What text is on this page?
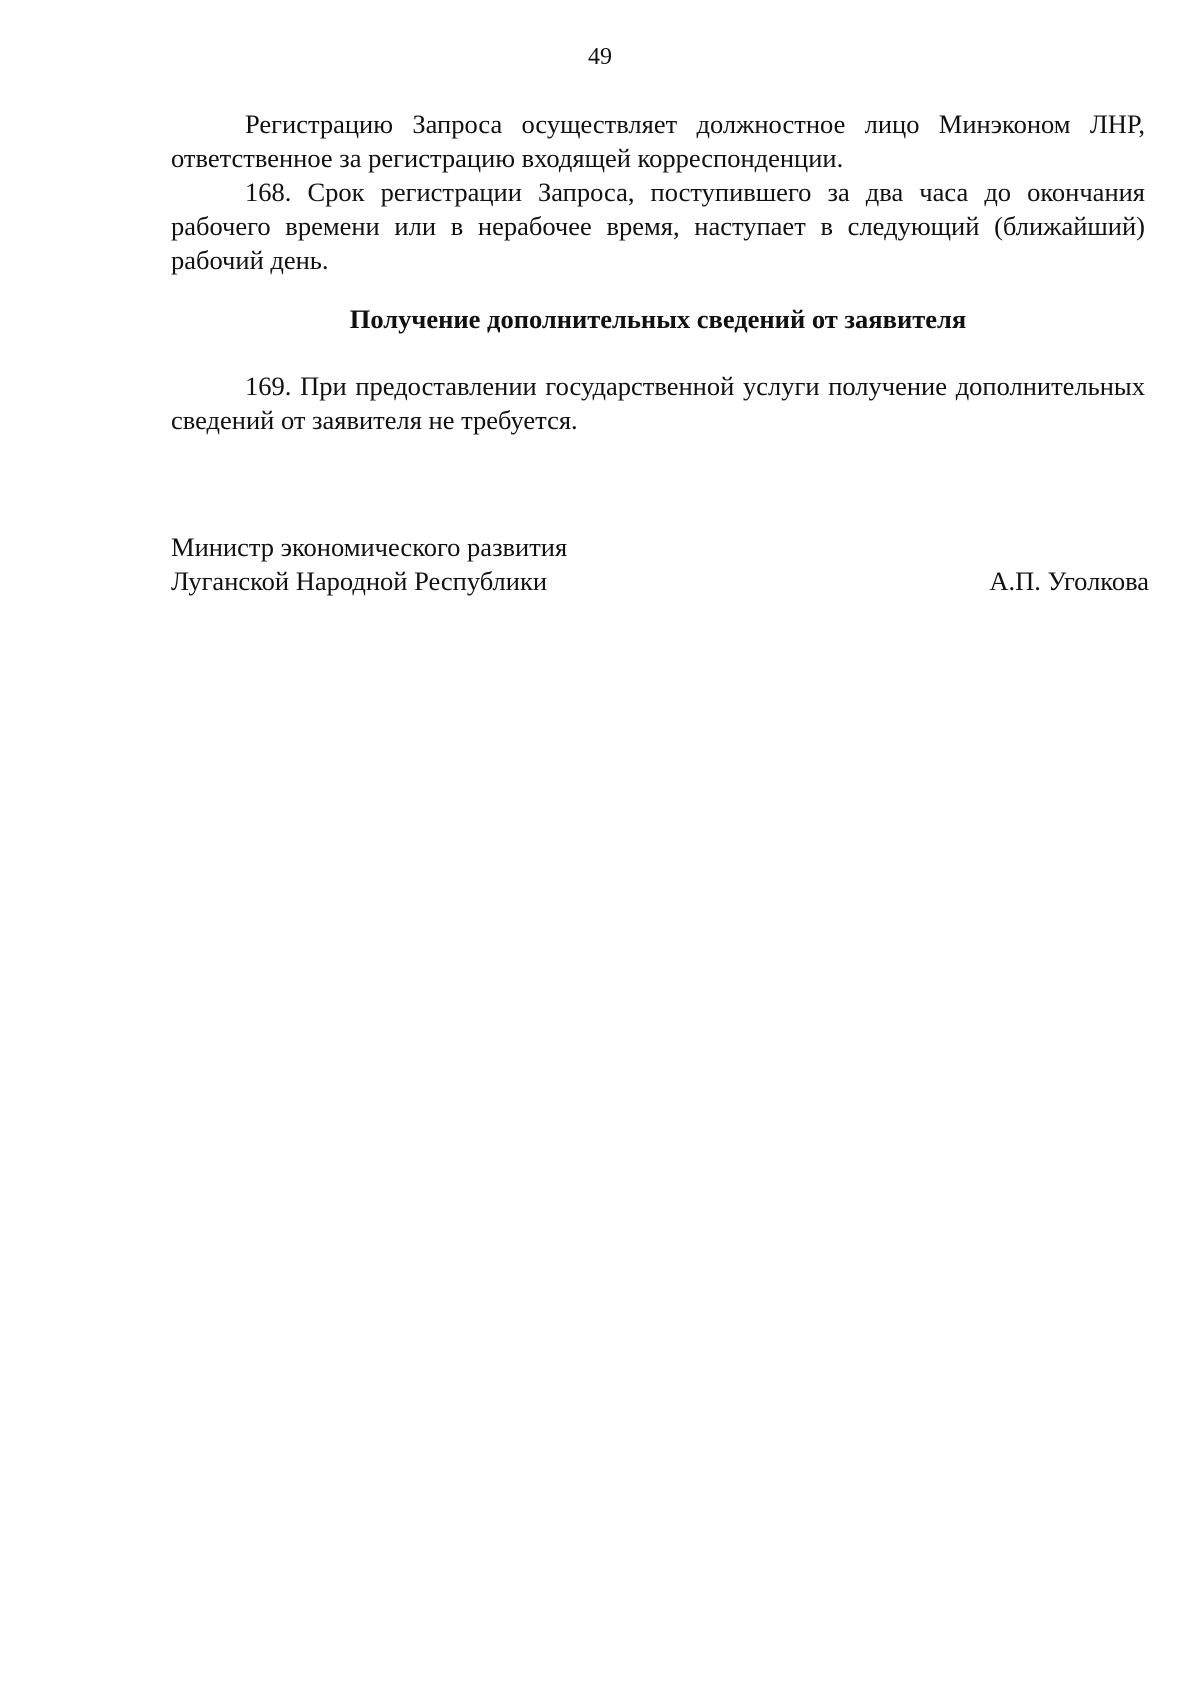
49

Регистрацию Запроса осуществляет должностное лицо Минэконом ЛНР, ответственное за регистрацию входящей корреспонденции.

168. Срок регистрации Запроса, поступившего за два часа до окончания рабочего времени или в нерабочее время, наступает в следующий (ближайший) рабочий день.

Получение дополнительных сведений от заявителя

169. При предоставлении государственной услуги получение дополнительных сведений от заявителя не требуется.

Министр экономического развития
Луганской Народной Республики	А.П. Уголкова
